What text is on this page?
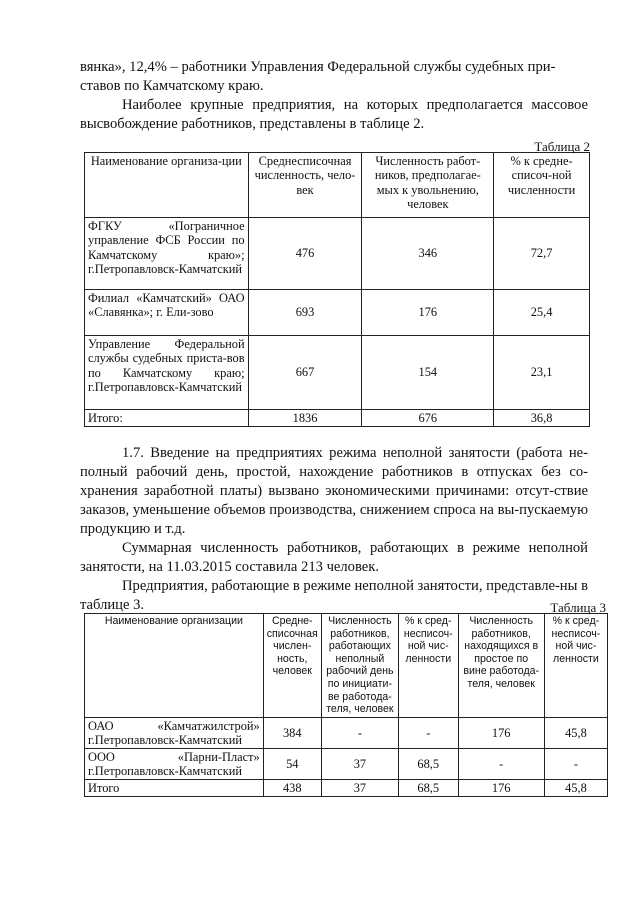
вянка», 12,4% – работники Управления Федеральной службы судебных при-

ставов по Камчатскому краю.

Наиболее крупные предприятия, на которых предполагается массовое высвобождение работников, представлены в таблице 2.

Таблица 2
Наименование организа-ции	Среднесписочная численность, чело-век	Численность работ-ников, предполагае-мых к увольнению, человек	% к средне-списоч-ной численности
ФГКУ «Пограничное управление ФСБ России по Камчатскому краю»; г.Петропавловск-Камчатский	476	346	72,7
Филиал «Камчатский» ОАО «Славянка»; г. Ели-зово	693	176	25,4
Управление Федеральной службы судебных приста-вов по Камчатскому краю; г.Петропавловск-Камчатский	667	154	23,1
Итого:	1836	676	36,8

1.7. Введение на предприятиях режима неполной занятости (работа не-полный рабочий день, простой, нахождение работников в отпусках без со-хранения заработной платы) вызвано экономическими причинами: отсут-ствие заказов, уменьшение объемов производства, снижением спроса на вы-пускаемую продукцию и т.д.

Суммарная численность работников, работающих в режиме неполной занятости, на 11.03.2015 составила 213 человек.

Предприятия, работающие в режиме неполной занятости, представле-ны в таблице 3.	Таблица 3
Наименование организации	Средне-списочная числен-ность, человек	Численность работников, работающих неполный рабочий день по инициати-ве работода-теля, человек	% к сред-несписоч-ной чис-ленности	Численность работников, находящихся в простое по вине работода-теля, человек	% к сред-несписоч-ной чис-ленности

ОАО «Камчатжилстрой»
г.Петропавловск-Камчатский	384	-	-	176	45,8

ООО «Парни-Пласт»
г.Петропавловск-Камчатский	54	37	68,5	-	-
Итого	438	37	68,5	176	45,8
